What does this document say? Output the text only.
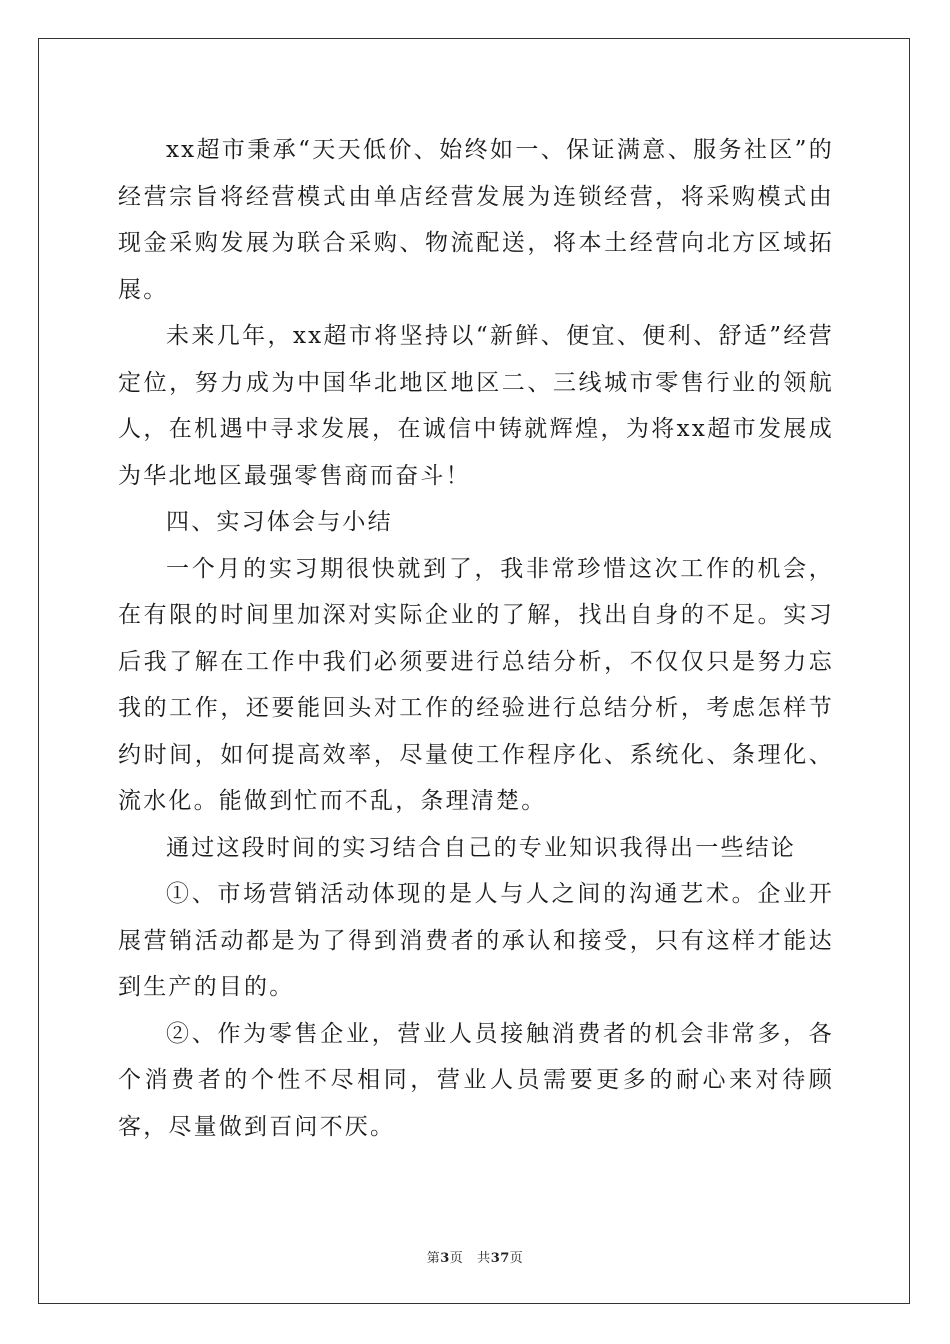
xx超市秉承“天天低价、始终如一、保证满意、服务社区”的经营宗旨将经营模式由单店经营发展为连锁经营，将采购模式由现金采购发展为联合采购、物流配送，将本土经营向北方区域拓展。

未来几年，xx超市将坚持以“新鲜、便宜、便利、舒适”经营定位，努力成为中国华北地区地区二、三线城市零售行业的领航人，在机遇中寻求发展，在诚信中铸就辉煌，为将xx超市发展成为华北地区最强零售商而奋斗！

四、实习体会与小结

一个月的实习期很快就到了，我非常珍惜这次工作的机会，在有限的时间里加深对实际企业的了解，找出自身的不足。实习后我了解在工作中我们必须要进行总结分析，不仅仅只是努力忘我的工作，还要能回头对工作的经验进行总结分析，考虑怎样节约时间，如何提高效率，尽量使工作程序化、系统化、条理化、流水化。能做到忙而不乱，条理清楚。

通过这段时间的实习结合自己的专业知识我得出一些结论

①、市场营销活动体现的是人与人之间的沟通艺术。企业开展营销活动都是为了得到消费者的承认和接受，只有这样才能达到生产的目的。

②、作为零售企业，营业人员接触消费者的机会非常多，各个消费者的个性不尽相同，营业人员需要更多的耐心来对待顾客，尽量做到百问不厌。

第3页 共37页
